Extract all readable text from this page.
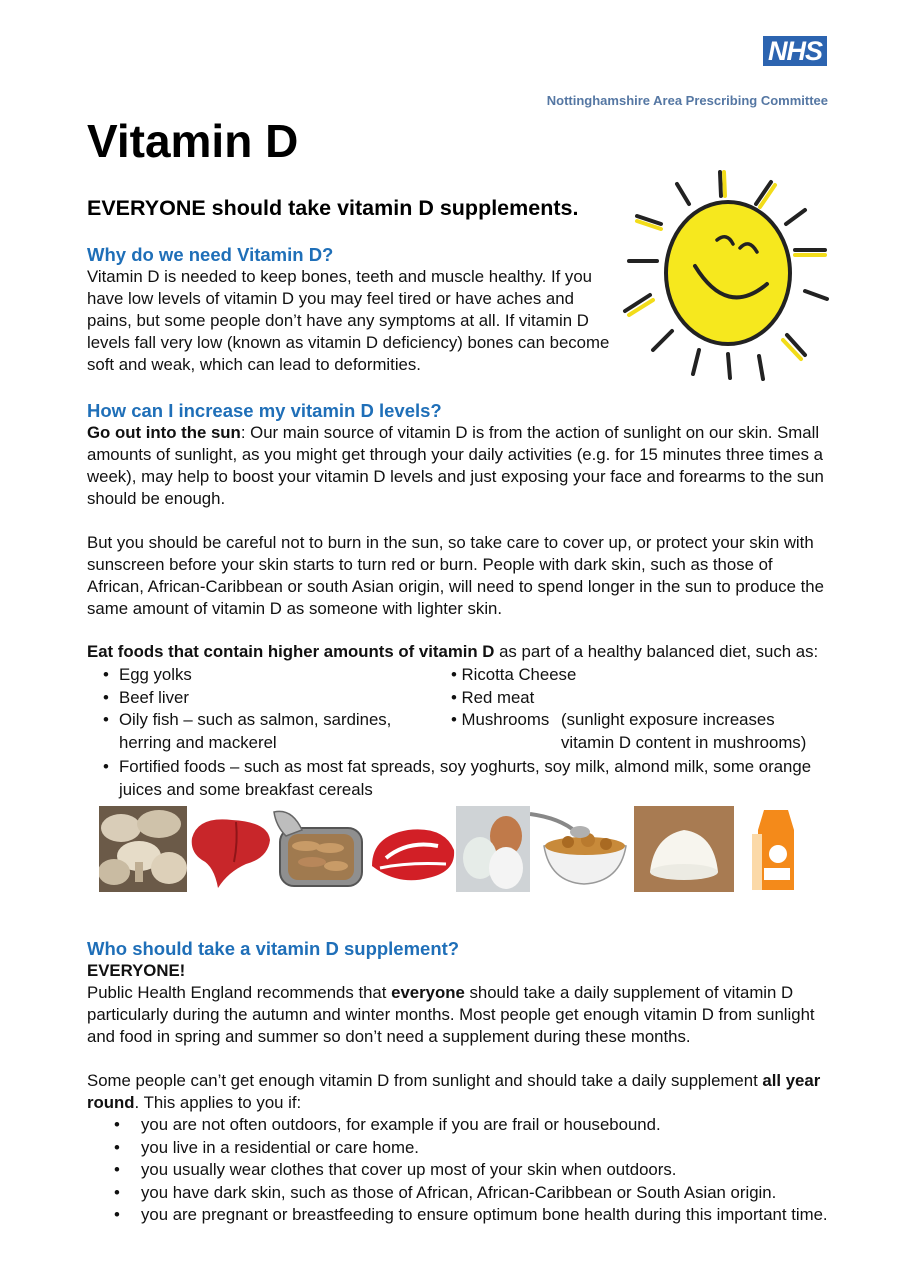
NHS
Nottinghamshire Area Prescribing Committee
Vitamin D
EVERYONE should take vitamin D supplements.
Why do we need Vitamin D?
Vitamin D is needed to keep bones, teeth and muscle healthy. If you have low levels of vitamin D you may feel tired or have aches and pains, but some people don’t have any symptoms at all. If vitamin D levels fall very low (known as vitamin D deficiency) bones can become soft and weak, which can lead to deformities.
How can I increase my vitamin D levels?
Go out into the sun: Our main source of vitamin D is from the action of sunlight on our skin. Small amounts of sunlight, as you might get through your daily activities (e.g. for 15 minutes three times a week), may help to boost your vitamin D levels and just exposing your face and forearms to the sun should be enough.
But you should be careful not to burn in the sun, so take care to cover up, or protect your skin with sunscreen before your skin starts to turn red or burn. People with dark skin, such as those of African, African-Caribbean or south Asian origin, will need to spend longer in the sun to produce the same amount of vitamin D as someone with lighter skin.
Eat foods that contain higher amounts of vitamin D as part of a healthy balanced diet, such as:
• Egg yolks
• Beef liver
• Oily fish – such as salmon, sardines, herring and mackerel
• Ricotta Cheese
• Red meat
• Mushrooms (sunlight exposure increases vitamin D content in mushrooms)
• Fortified foods – such as most fat spreads, soy yoghurts, soy milk, almond milk, some orange juices and some breakfast cereals
Who should take a vitamin D supplement?
EVERYONE!
Public Health England recommends that everyone should take a daily supplement of vitamin D particularly during the autumn and winter months. Most people get enough vitamin D from sunlight and food in spring and summer so don’t need a supplement during these months.
Some people can’t get enough vitamin D from sunlight and should take a daily supplement all year round. This applies to you if:
• you are not often outdoors, for example if you are frail or housebound.
• you live in a residential or care home.
• you usually wear clothes that cover up most of your skin when outdoors.
• you have dark skin, such as those of African, African-Caribbean or South Asian origin.
• you are pregnant or breastfeeding to ensure optimum bone health during this important time.
